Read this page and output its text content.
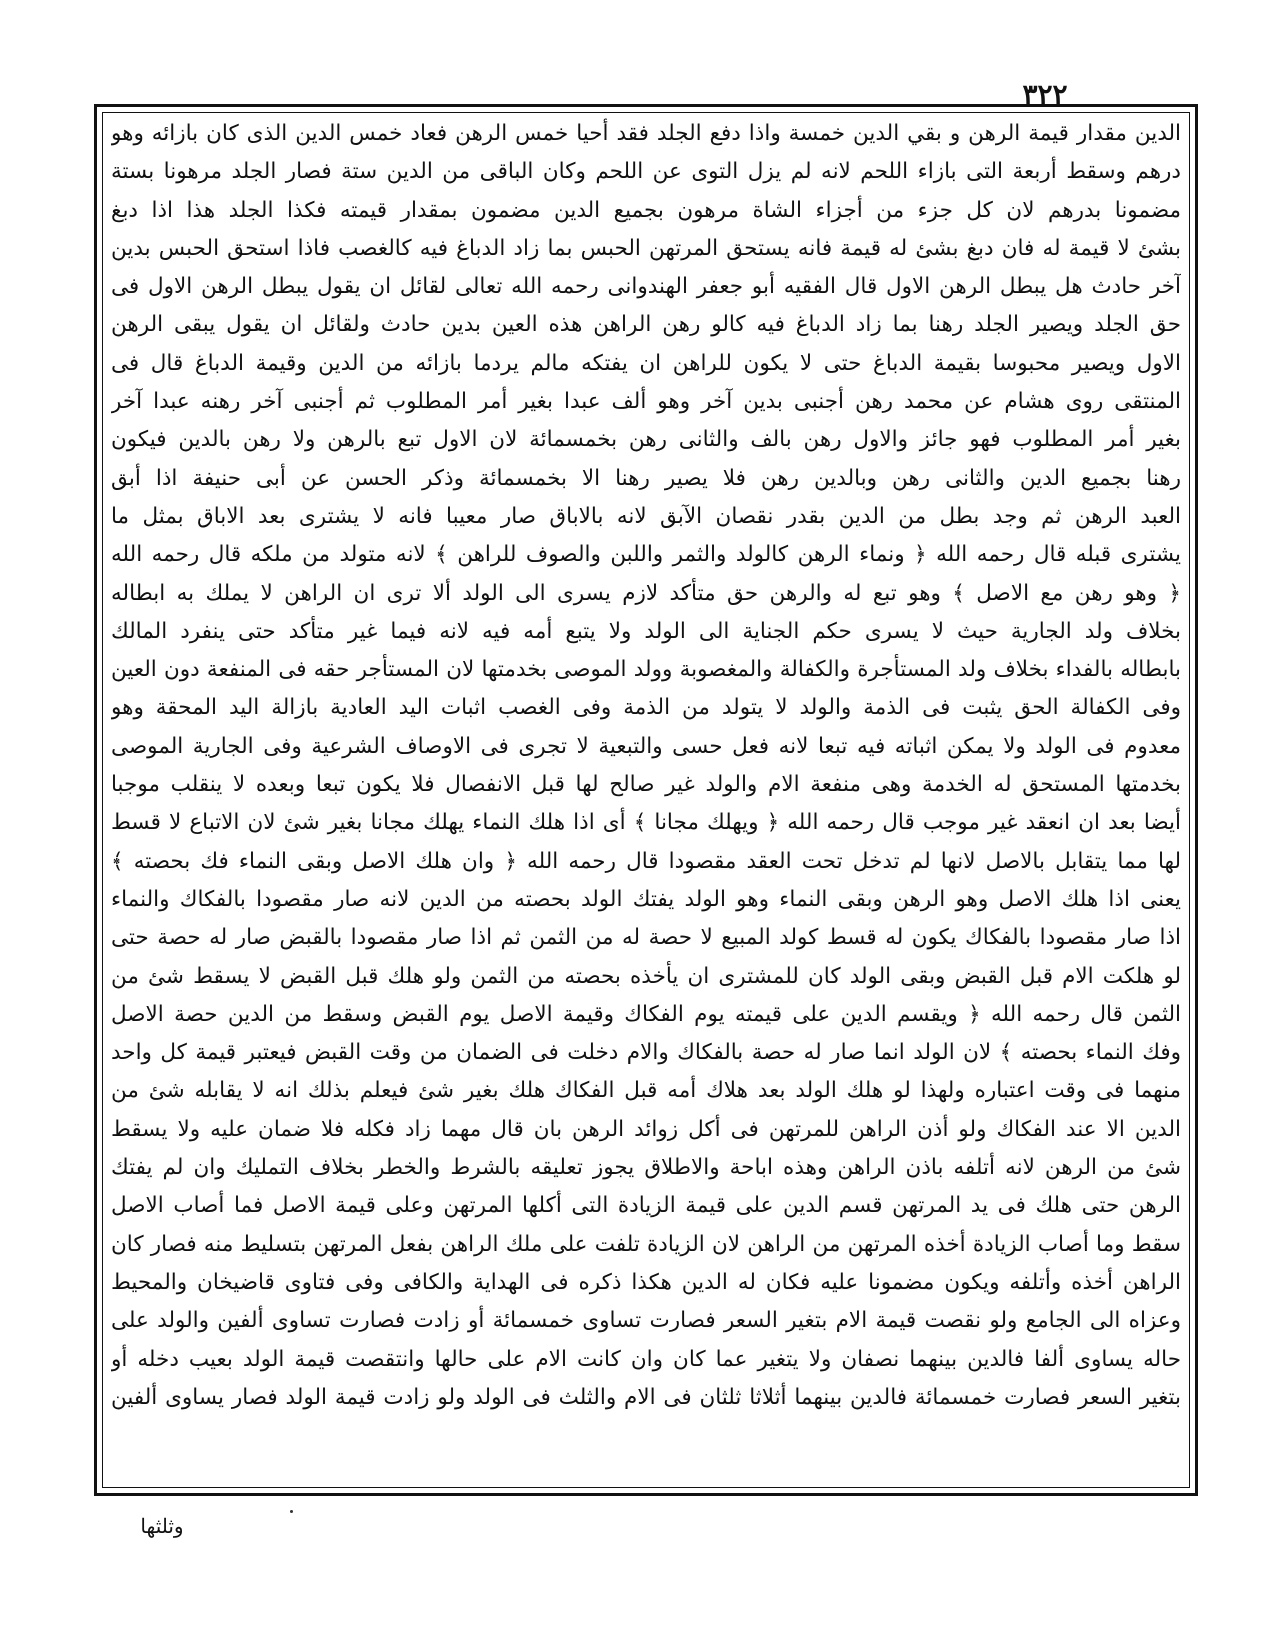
٣٢٢
الدين مقدار قيمة الرهن و بقي الدين خمسة واذا دفع الجلد فقد أحيا خمس الرهن فعاد خمس الدين الذى كان بازائه وهو
درهم وسقط أربعة التى بازاء اللحم لانه لم يزل التوى عن اللحم وكان الباقى من الدين ستة فصار الجلد مرهونا بستة
مضمونا بدرهم لان كل جزء من أجزاء الشاة مرهون بجميع الدين مضمون بمقدار قيمته فكذا الجلد هذا اذا دبغ
بشئ لا قيمة له فان دبغ بشئ له قيمة فانه يستحق المرتهن الحبس بما زاد الدباغ فيه كالغصب فاذا استحق الحبس بدين
آخر حادث هل يبطل الرهن الاول قال الفقيه أبو جعفر الهندوانى رحمه الله تعالى لقائل ان يقول يبطل الرهن الاول فى
حق الجلد ويصير الجلد رهنا بما زاد الدباغ فيه كالو رهن الراهن هذه العين بدين حادث ولقائل ان يقول يبقى الرهن
الاول ويصير محبوسا بقيمة الدباغ حتى لا يكون للراهن ان يفتكه مالم يردما بازائه من الدين وقيمة الدباغ قال فى
المنتقى روى هشام عن محمد رهن أجنبى بدين آخر وهو ألف عبدا بغير أمر المطلوب ثم أجنبى آخر رهنه عبدا آخر
بغير أمر المطلوب فهو جائز والاول رهن بالف والثانى رهن بخمسمائة لان الاول تبع بالرهن ولا رهن بالدين فيكون
رهنا بجميع الدين والثانى رهن وبالدين رهن فلا يصير رهنا الا بخمسمائة وذكر الحسن عن أبى حنيفة اذا أبق
العبد الرهن ثم وجد بطل من الدين بقدر نقصان الآبق لانه بالاباق صار معيبا فانه لا يشترى بعد الاباق بمثل ما
يشترى قبله قال رحمه الله ﴿ ونماء الرهن كالولد والثمر واللبن والصوف للراهن ﴾ لانه متولد من ملكه قال رحمه الله
﴿ وهو رهن مع الاصل ﴾ وهو تبع له والرهن حق متأكد لازم يسرى الى الولد ألا ترى ان الراهن لا يملك به ابطاله
بخلاف ولد الجارية حيث لا يسرى حكم الجناية الى الولد ولا يتبع أمه فيه لانه فيما غير متأكد حتى ينفرد المالك
بابطاله بالفداء بخلاف ولد المستأجرة والكفالة والمغصوبة وولد الموصى بخدمتها لان المستأجر حقه فى المنفعة دون العين
وفى الكفالة الحق يثبت فى الذمة والولد لا يتولد من الذمة وفى الغصب اثبات اليد العادية بازالة اليد المحقة وهو
معدوم فى الولد ولا يمكن اثباته فيه تبعا لانه فعل حسى والتبعية لا تجرى فى الاوصاف الشرعية وفى الجارية الموصى
بخدمتها المستحق له الخدمة وهى منفعة الام والولد غير صالح لها قبل الانفصال فلا يكون تبعا وبعده لا ينقلب موجبا
أيضا بعد ان انعقد غير موجب قال رحمه الله ﴿ ويهلك مجانا ﴾ أى اذا هلك النماء يهلك مجانا بغير شئ لان الاتباع لا قسط
لها مما يتقابل بالاصل لانها لم تدخل تحت العقد مقصودا قال رحمه الله ﴿ وان هلك الاصل وبقى النماء فك بحصته ﴾
يعنى اذا هلك الاصل وهو الرهن وبقى النماء وهو الولد يفتك الولد بحصته من الدين لانه صار مقصودا بالفكاك والنماء
اذا صار مقصودا بالفكاك يكون له قسط كولد المبيع لا حصة له من الثمن ثم اذا صار مقصودا بالقبض صار له حصة حتى
لو هلكت الام قبل القبض وبقى الولد كان للمشترى ان يأخذه بحصته من الثمن ولو هلك قبل القبض لا يسقط شئ من
الثمن قال رحمه الله ﴿ ويقسم الدين على قيمته يوم الفكاك وقيمة الاصل يوم القبض وسقط من الدين حصة الاصل
وفك النماء بحصته ﴾ لان الولد انما صار له حصة بالفكاك والام دخلت فى الضمان من وقت القبض فيعتبر قيمة كل واحد
منهما فى وقت اعتباره ولهذا لو هلك الولد بعد هلاك أمه قبل الفكاك هلك بغير شئ فيعلم بذلك انه لا يقابله شئ من
الدين الا عند الفكاك ولو أذن الراهن للمرتهن فى أكل زوائد الرهن بان قال مهما زاد فكله فلا ضمان عليه ولا يسقط
شئ من الرهن لانه أتلفه باذن الراهن وهذه اباحة والاطلاق يجوز تعليقه بالشرط والخطر بخلاف التمليك وان لم يفتك
الرهن حتى هلك فى يد المرتهن قسم الدين على قيمة الزيادة التى أكلها المرتهن وعلى قيمة الاصل فما أصاب الاصل
سقط وما أصاب الزيادة أخذه المرتهن من الراهن لان الزيادة تلفت على ملك الراهن بفعل المرتهن بتسليط منه فصار كان
الراهن أخذه وأتلفه ويكون مضمونا عليه فكان له الدين هكذا ذكره فى الهداية والكافى وفى فتاوى قاضيخان والمحيط
وعزاه الى الجامع ولو نقصت قيمة الام بتغير السعر فصارت تساوى خمسمائة أو زادت فصارت تساوى ألفين والولد على
حاله يساوى ألفا فالدين بينهما نصفان ولا يتغير عما كان وان كانت الام على حالها وانتقصت قيمة الولد بعيب دخله أو
بتغير السعر فصارت خمسمائة فالدين بينهما أثلاثا ثلثان فى الام والثلث فى الولد ولو زادت قيمة الولد فصار يساوى ألفين
وثلثها
